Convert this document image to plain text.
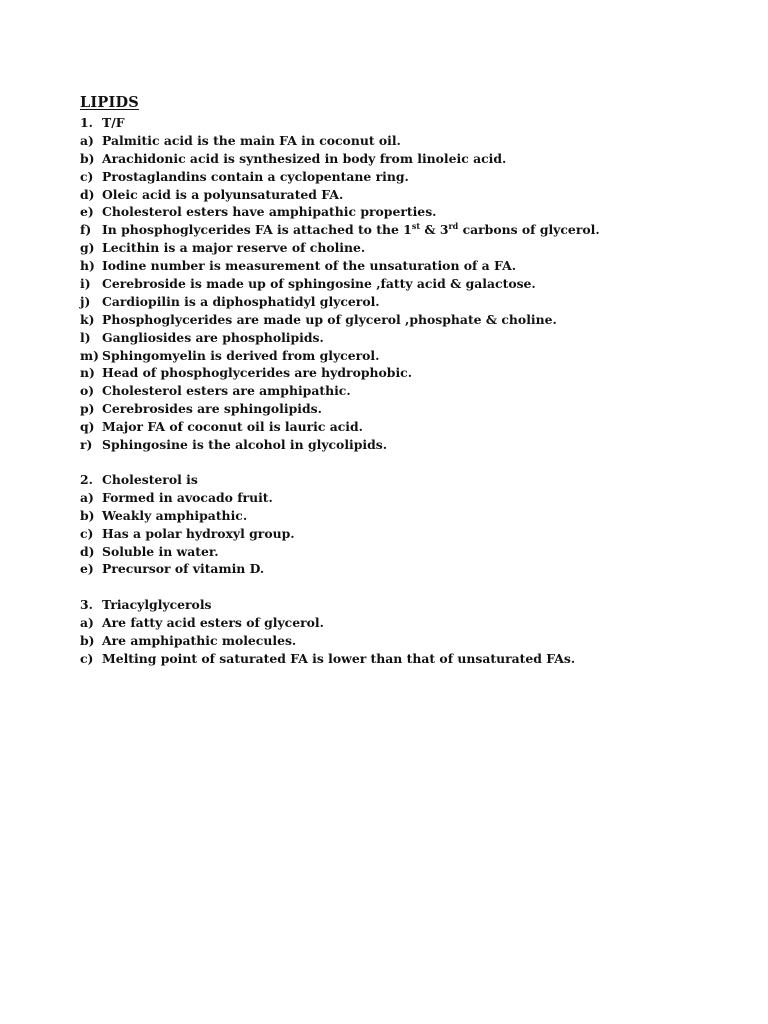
LIPIDS
1. T/F
a) Palmitic acid is the main FA in coconut oil.
b) Arachidonic acid is synthesized in body from linoleic acid.
c) Prostaglandins contain a cyclopentane ring.
d) Oleic acid is a polyunsaturated FA.
e) Cholesterol esters have amphipathic properties.
f) In phosphoglycerides FA is attached to the 1st & 3rd carbons of glycerol.
g) Lecithin is a major reserve of choline.
h) Iodine number is measurement of the unsaturation of a FA.
i) Cerebroside is made up of sphingosine ,fatty acid & galactose.
j) Cardiopilin is a diphosphatidyl glycerol.
k) Phosphoglycerides are made up of glycerol ,phosphate & choline.
l) Gangliosides are phospholipids.
m) Sphingomyelin is derived from glycerol.
n) Head of phosphoglycerides are hydrophobic.
o) Cholesterol esters are amphipathic.
p) Cerebrosides are sphingolipids.
q) Major FA of coconut oil is lauric acid.
r) Sphingosine is the alcohol in glycolipids.
2. Cholesterol is
a) Formed in avocado fruit.
b) Weakly amphipathic.
c) Has a polar hydroxyl group.
d) Soluble in water.
e) Precursor of vitamin D.
3. Triacylglycerols
a) Are fatty acid esters of glycerol.
b) Are amphipathic molecules.
c) Melting point of saturated FA is lower than that of unsaturated FAs.
